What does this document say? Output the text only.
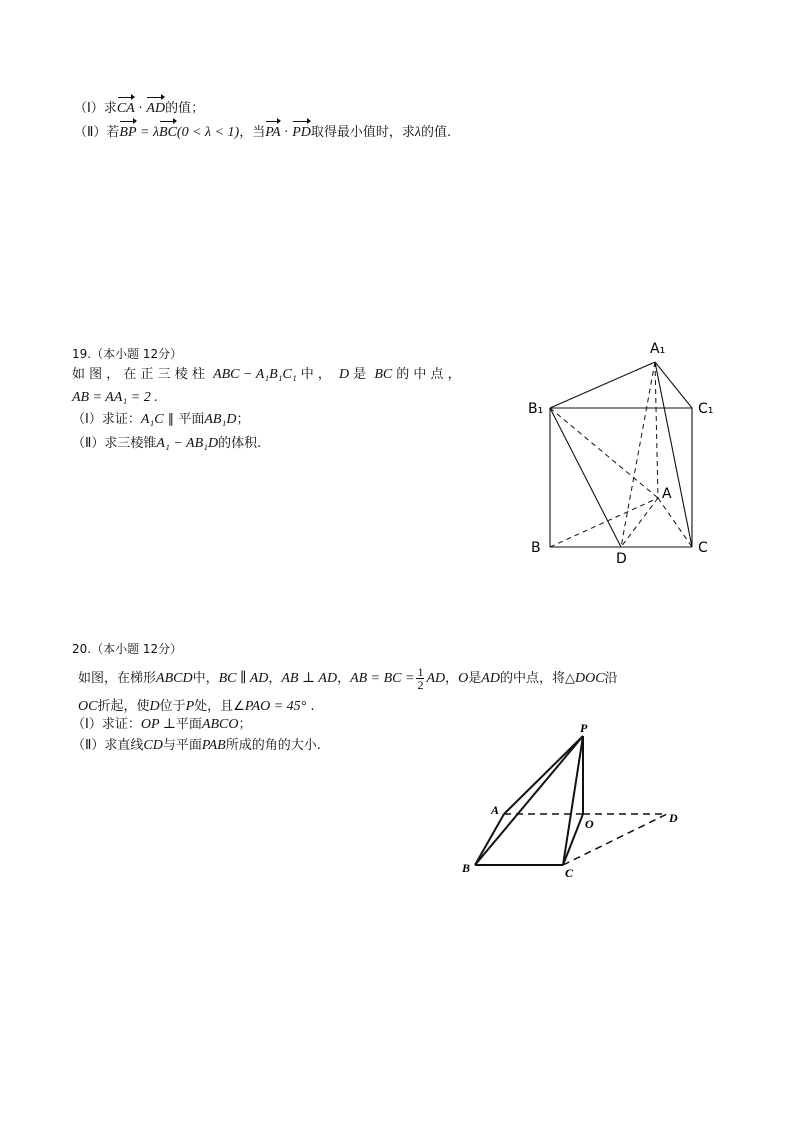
（Ⅰ）求CA · AD的值；
（Ⅱ）若BP = λBC(0 < λ < 1)，当PA · PD取得最小值时，求λ的值.
19.（本小题 12分）
如 图 ， 在 正 三 棱 柱 ABC − A₁B₁C₁ 中 ， D 是 BC 的 中 点 ，
AB = AA₁ = 2 .
（Ⅰ）求证：A₁C ∥ 平面AB₁D；
（Ⅱ）求三棱锥A₁ − AB₁D的体积.
A₁
B₁	C₁
A
B	C
D
20.（本小题 12分）
如图，在梯形ABCD中，BC ∥ AD，AB ⊥ AD，AB = BC = $\frac{1}{2}$ AD，O是AD的中点，将△DOC沿
OC折起，使D位于P处，且∠PAO = 45° .
（Ⅰ）求证：OP ⊥平面ABCO；
（Ⅱ）求直线CD与平面PAB所成的角的大小.
P
A
O	D
B	C
